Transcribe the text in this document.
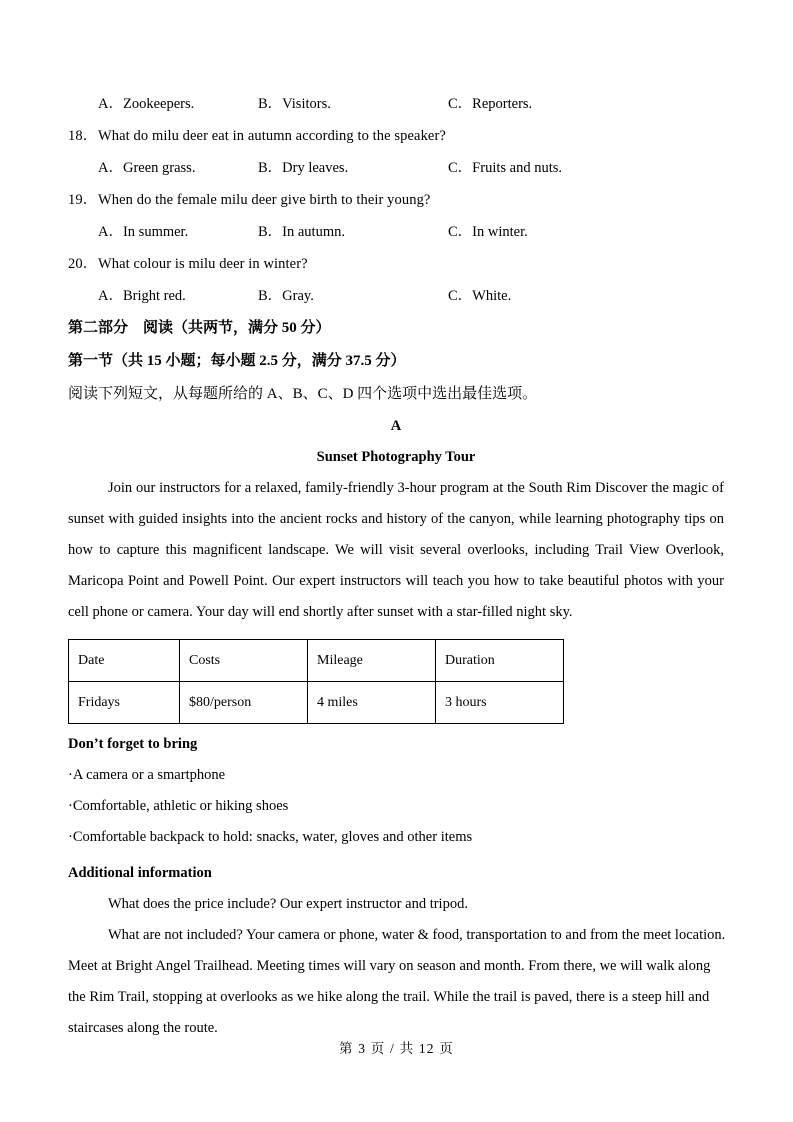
A．Zookeepers.	B．Visitors.	C．Reporters.
18．What do milu deer eat in autumn according to the speaker?
A．Green grass.	B．Dry leaves.	C．Fruits and nuts.
19．When do the female milu deer give birth to their young?
A．In summer.	B．In autumn.	C．In winter.
20．What colour is milu deer in winter?
A．Bright red.	B．Gray.	C．White.
第二部分　阅读（共两节，满分 50 分）
第一节（共 15 小题；每小题 2.5 分，满分 37.5 分）
阅读下列短文，从每题所给的 A、B、C、D 四个选项中选出最佳选项。
A
Sunset Photography Tour

Join our instructors for a relaxed, family-friendly 3-hour program at the South Rim Discover the magic of sunset with guided insights into the ancient rocks and history of the canyon, while learning photography tips on how to capture this magnificent landscape. We will visit several overlooks, including Trail View Overlook, Maricopa Point and Powell Point. Our expert instructors will teach you how to take beautiful photos with your cell phone or camera. Your day will end shortly after sunset with a star-filled night sky.

Date	Costs	Mileage	Duration
Fridays	$80/person	4 miles	3 hours
Don’t forget to bring
·A camera or a smartphone
·Comfortable, athletic or hiking shoes
·Comfortable backpack to hold: snacks, water, gloves and other items
Additional information
What does the price include? Our expert instructor and tripod.
What are not included? Your camera or phone, water & food, transportation to and from the meet location.

Meet at Bright Angel Trailhead. Meeting times will vary on season and month. From there, we will walk along the Rim Trail, stopping at overlooks as we hike along the trail. While the trail is paved, there is a steep hill and staircases along the route.

第 3 页 / 共 12 页
